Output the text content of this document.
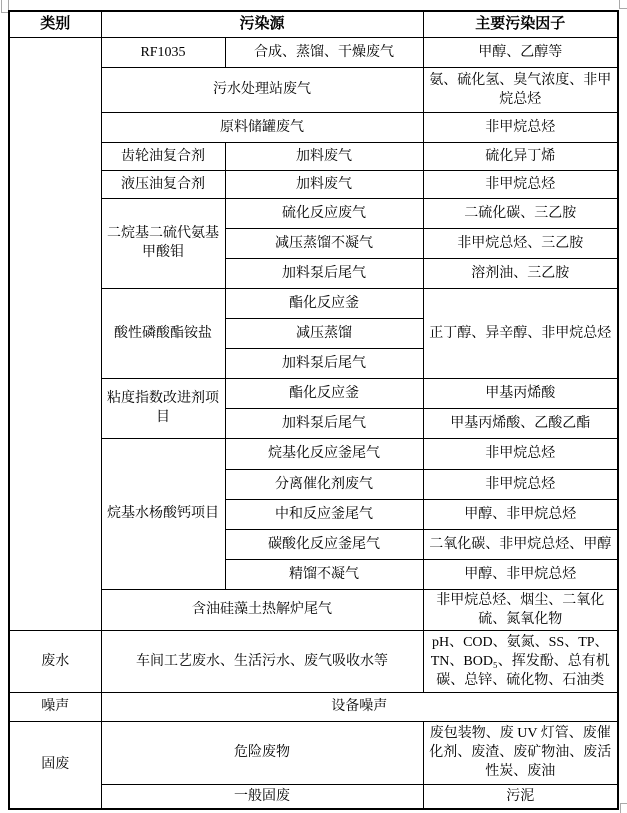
类别	污染源		主要污染因子
	RF1035	合成、蒸馏、干燥废气	甲醇、乙醇等
	污水处理站废气		氨、硫化氢、臭气浓度、非甲烷总烃
	原料储罐废气		非甲烷总烃
	齿轮油复合剂	加料废气	硫化异丁烯
	液压油复合剂	加料废气	非甲烷总烃
	二烷基二硫代氨基甲酸钼	硫化反应废气	二硫化碳、三乙胺
		减压蒸馏不凝气	非甲烷总烃、三乙胺
		加料泵后尾气	溶剂油、三乙胺
	酸性磷酸酯铵盐	酯化反应釜	正丁醇、异辛醇、非甲烷总烃
		减压蒸馏	
		加料泵后尾气	
	粘度指数改进剂项目	酯化反应釜	甲基丙烯酸
		加料泵后尾气	甲基丙烯酸、乙酸乙酯
	烷基水杨酸钙项目	烷基化反应釜尾气	非甲烷总烃
		分离催化剂废气	非甲烷总烃
		中和反应釜尾气	甲醇、非甲烷总烃
		碳酸化反应釜尾气	二氧化碳、非甲烷总烃、甲醇
		精馏不凝气	甲醇、非甲烷总烃
	含油硅藻土热解炉尾气		非甲烷总烃、烟尘、二氧化硫、氮氧化物
废水	车间工艺废水、生活污水、废气吸收水等		pH、COD、氨氮、SS、TP、TN、BOD₅、挥发酚、总有机碳、总锌、硫化物、石油类
噪声	设备噪声		
固废	危险废物		废包装物、废 UV 灯管、废催化剂、废渣、废矿物油、废活性炭、废油
	一般固废		污泥
